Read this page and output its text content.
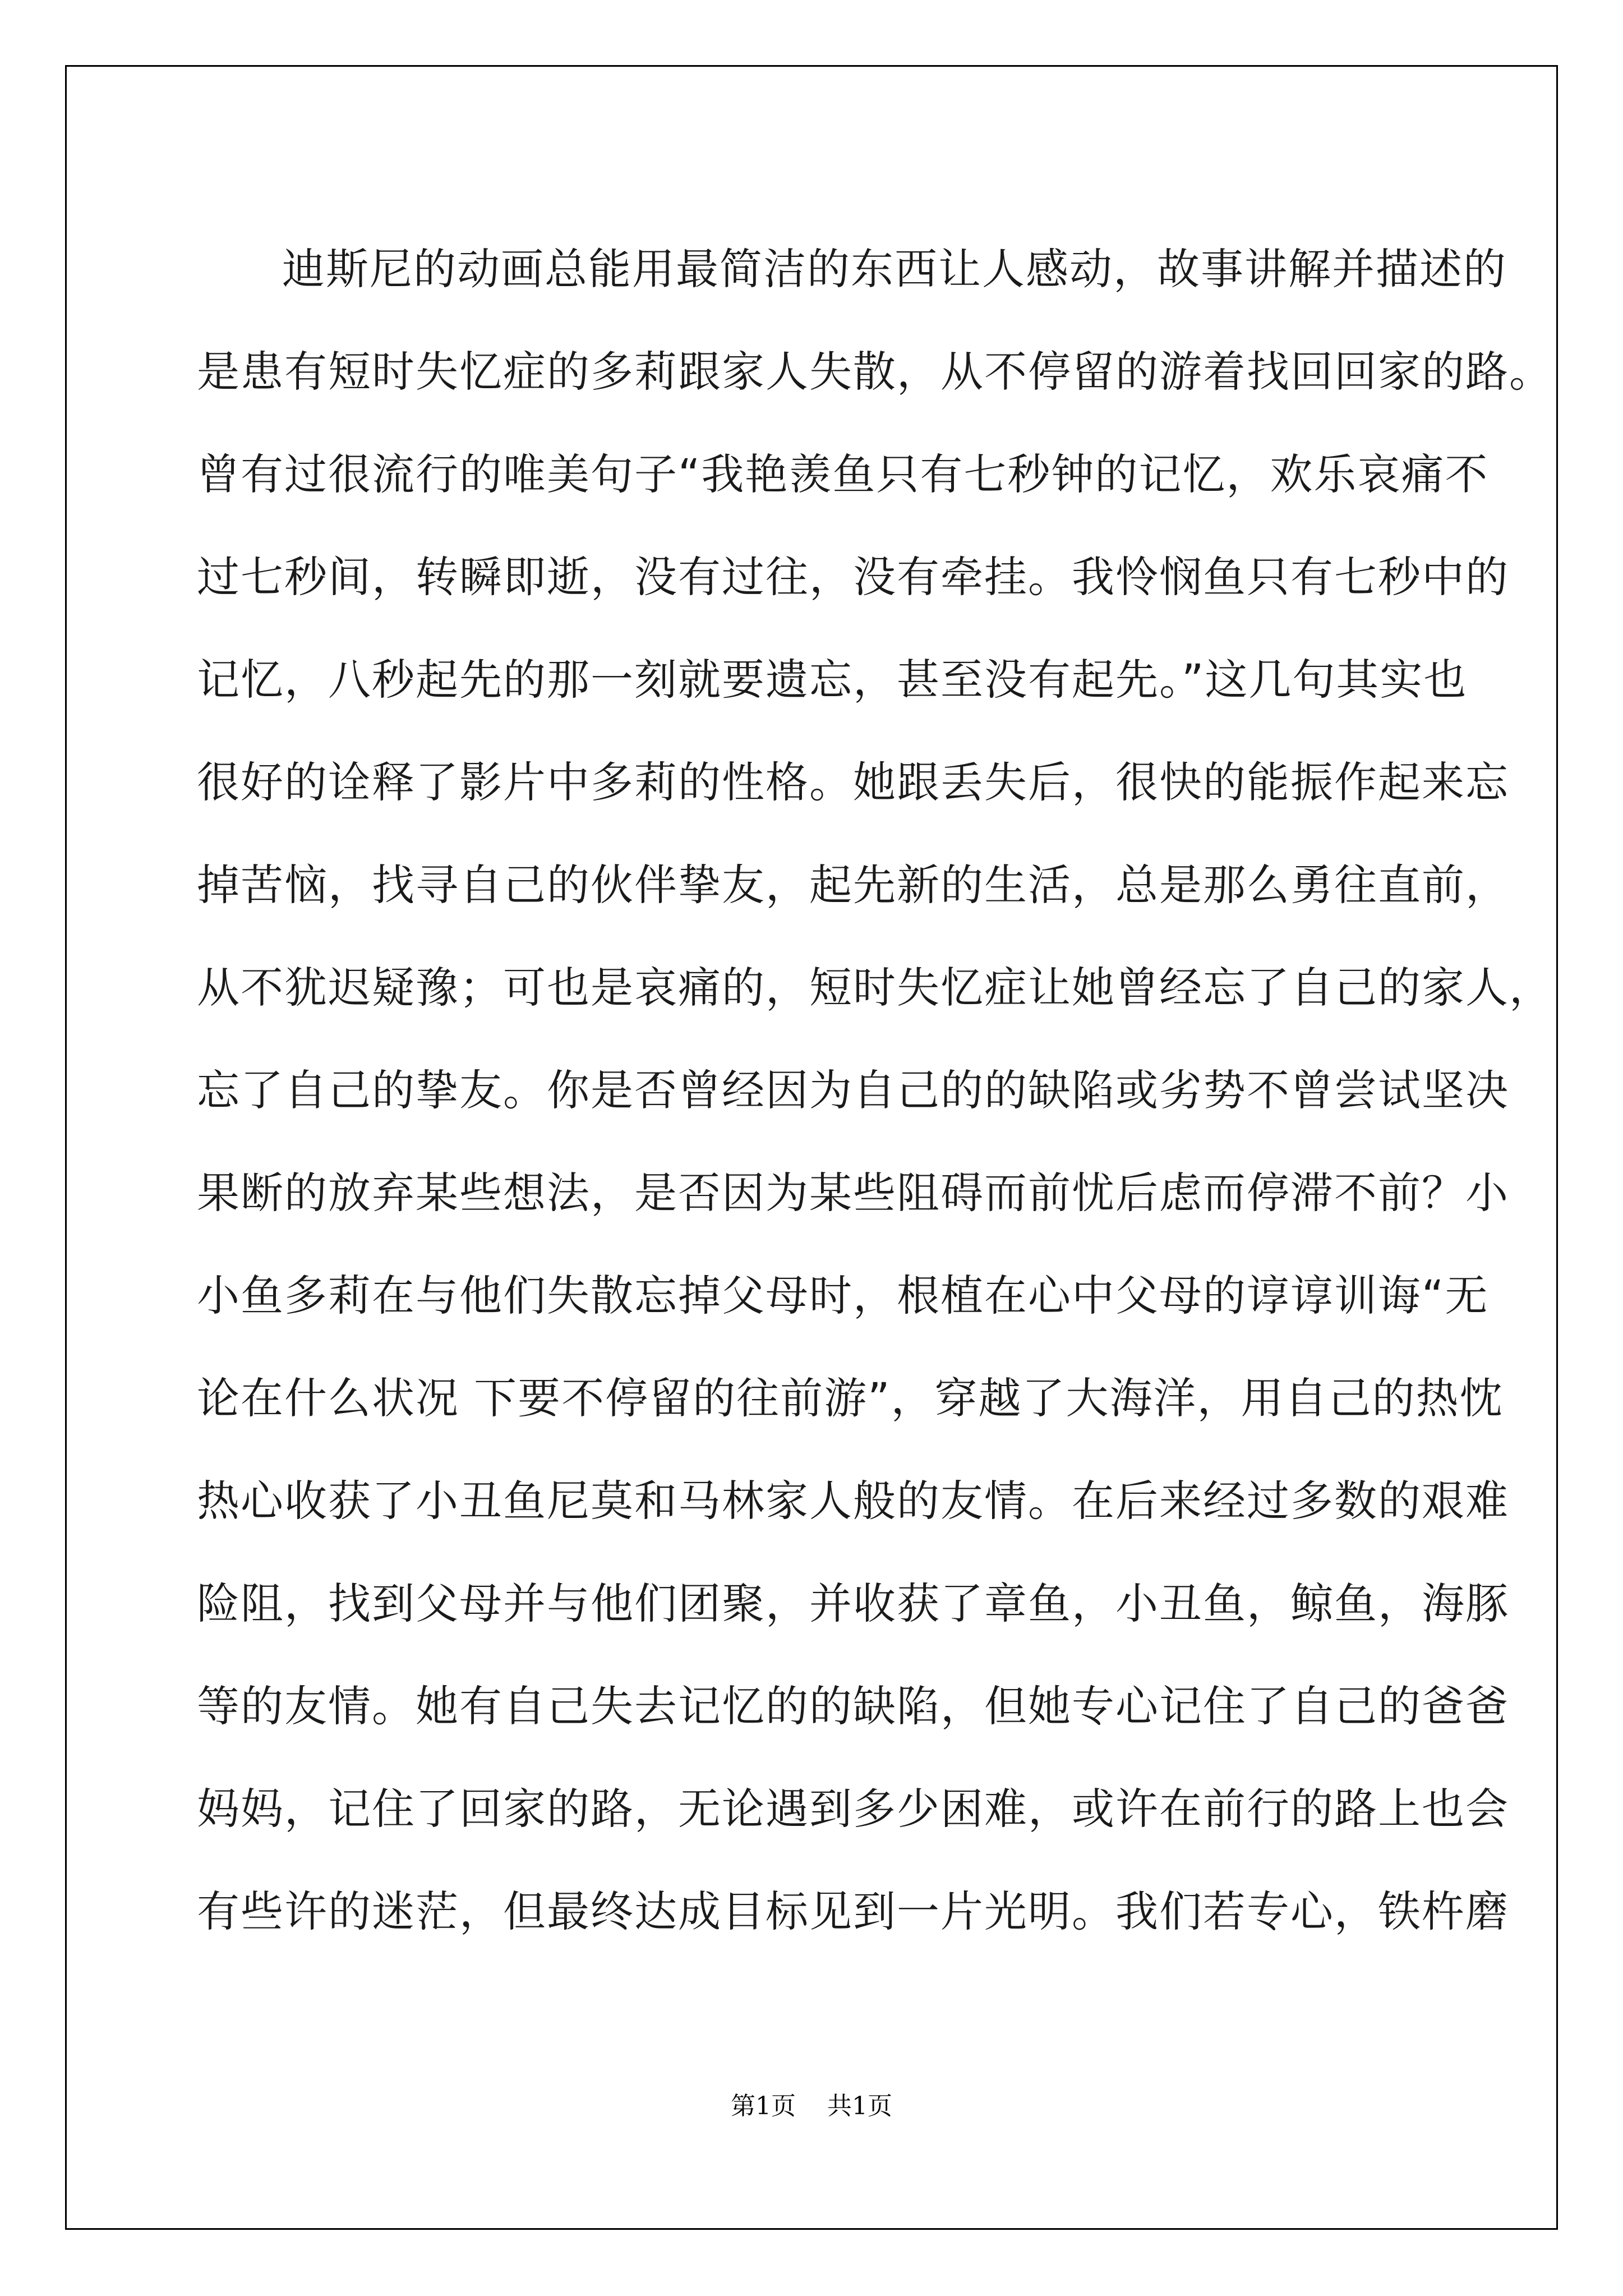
迪斯尼的动画总能用最简洁的东西让人感动，故事讲解并描述的
是患有短时失忆症的多莉跟家人失散，从不停留的游着找回回家的路。
曾有过很流行的唯美句子“我艳羡鱼只有七秒钟的记忆，欢乐哀痛不
过七秒间，转瞬即逝，没有过往，没有牵挂。我怜悯鱼只有七秒中的
记忆，八秒起先的那一刻就要遗忘，甚至没有起先。”这几句其实也
很好的诠释了影片中多莉的性格。她跟丢失后，很快的能振作起来忘
掉苦恼，找寻自己的伙伴挚友，起先新的生活，总是那么勇往直前，
从不犹迟疑豫；可也是哀痛的，短时失忆症让她曾经忘了自己的家人，
忘了自己的挚友。你是否曾经因为自己的的缺陷或劣势不曾尝试坚决
果断的放弃某些想法，是否因为某些阻碍而前忧后虑而停滞不前？小
小鱼多莉在与他们失散忘掉父母时，根植在心中父母的谆谆训诲“无
论在什么状况 下要不停留的往前游”，穿越了大海洋，用自己的热忱
热心收获了小丑鱼尼莫和马林家人般的友情。在后来经过多数的艰难
险阻，找到父母并与他们团聚，并收获了章鱼，小丑鱼，鲸鱼，海豚
等的友情。她有自己失去记忆的的缺陷，但她专心记住了自己的爸爸
妈妈，记住了回家的路，无论遇到多少困难，或许在前行的路上也会
有些许的迷茫，但最终达成目标见到一片光明。我们若专心，铁杵磨

第1页 共1页
